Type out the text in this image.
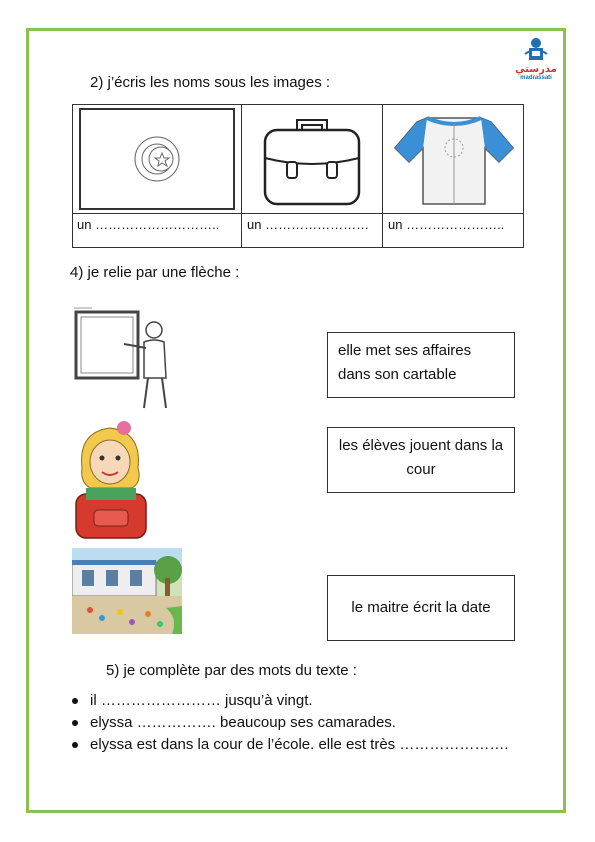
مدرستي
madrassati
2) j’écris les noms sous les images :
un ……………………….. un …………………… un …………………..
4) je relie par une flèche :
elle met ses affaires dans son cartable
les élèves jouent dans la cour
le maitre écrit la date
5) je complète par des mots du texte :
il …………………… jusqu’à vingt.
elyssa ……………. beaucoup ses camarades.
elyssa est dans la cour de l’école. elle est très ………………….
